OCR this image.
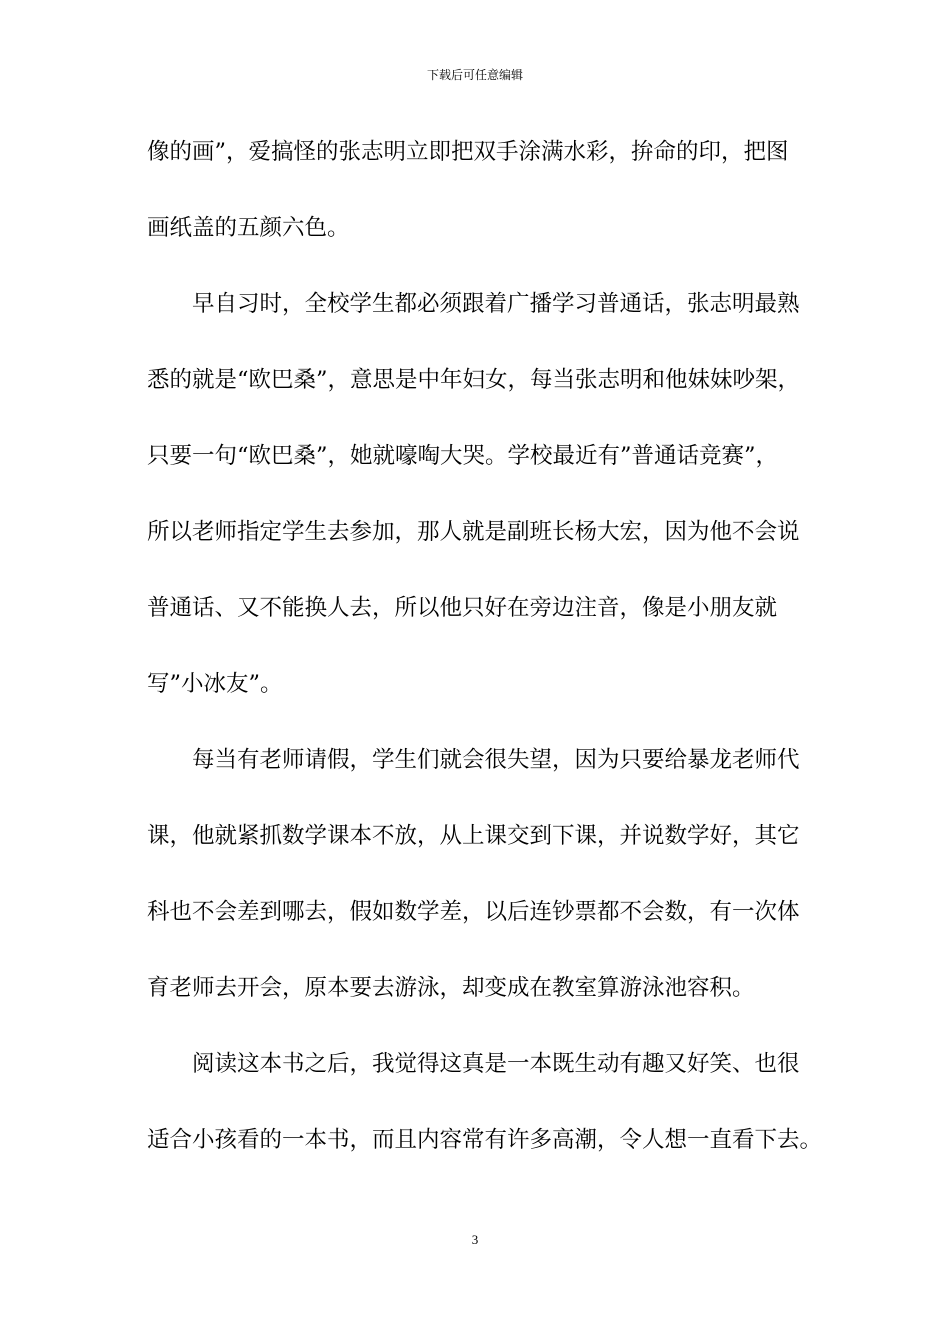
下载后可任意编辑
像的画”，爱搞怪的张志明立即把双手涂满水彩，拚命的印，把图
画纸盖的五颜六色。
　　早自习时，全校学生都必须跟着广播学习普通话，张志明最熟
悉的就是“欧巴桑”，意思是中年妇女，每当张志明和他妹妹吵架，
只要一句“欧巴桑”，她就嚎啕大哭。学校最近有”普通话竞赛”，
所以老师指定学生去参加，那人就是副班长杨大宏，因为他不会说
普通话、又不能换人去，所以他只好在旁边注音，像是小朋友就
写”小冰友”。
　　每当有老师请假，学生们就会很失望，因为只要给暴龙老师代
课，他就紧抓数学课本不放，从上课交到下课，并说数学好，其它
科也不会差到哪去，假如数学差，以后连钞票都不会数，有一次体
育老师去开会，原本要去游泳，却变成在教室算游泳池容积。
　　阅读这本书之后，我觉得这真是一本既生动有趣又好笑、也很
适合小孩看的一本书，而且内容常有许多高潮，令人想一直看下去。
3
